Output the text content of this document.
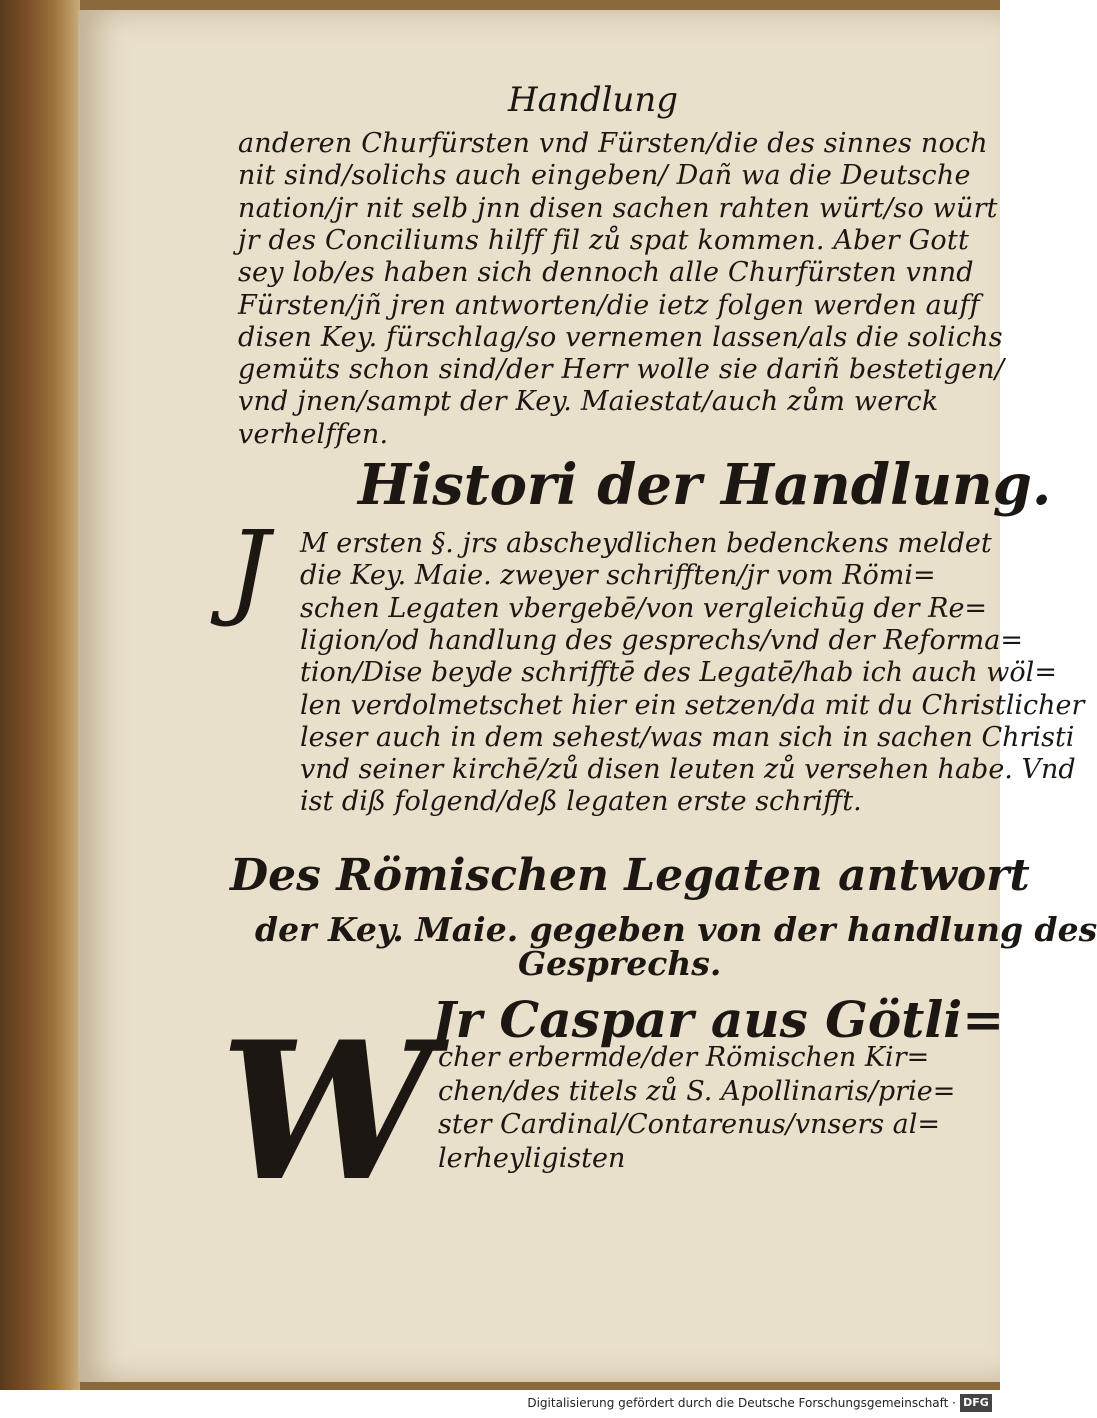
Handlung
anderen Churfürsten vnd Fürsten/die des sinnes noch
nit sind/solichs auch eingeben/ Dañ wa die Deutsche
nation/jr nit selb jnn disen sachen rahten würt/so würt
jr des Conciliums hilff fil zů spat kommen. Aber Gott
sey lob/es haben sich dennoch alle Churfürsten vnnd
Fürsten/jñ jren antworten/die ietz folgen werden auff
disen Key. fürschlag/so vernemen lassen/als die solichs
gemüts schon sind/der Herr wolle sie dariñ bestetigen/
vnd jnen/sampt der Key. Maiestat/auch zům werck
verhelffen.
Histori der Handlung.
J M ersten §. jrs abscheydlichen bedenckens meldet
die Key. Maie. zweyer schrifften/jr vom Römi=
schen Legaten vbergebē/von vergleichūg der Re=
ligion/od handlung des gesprechs/vnd der Reforma=
tion/Dise beyde schrifftē des Legatē/hab ich auch wöl=
len verdolmetschet hier ein setzen/da mit du Christlicher
leser auch in dem sehest/was man sich in sachen Christi
vnd seiner kirchē/zů disen leuten zů versehen habe. Vnd
ist diß folgend/deß legaten erste schrifft.
Des Römischen Legaten antwort
der Key. Maie. gegeben von der handlung des
Gesprechs.
W
Jr Caspar aus Götli=
cher erbermde/der Römischen Kir=
chen/des titels zů S. Apollinaris/prie=
ster Cardinal/Contarenus/vnsers al=
lerheyligisten
Digitalisierung gefördert durch die Deutsche Forschungsgemeinschaft · DFG
